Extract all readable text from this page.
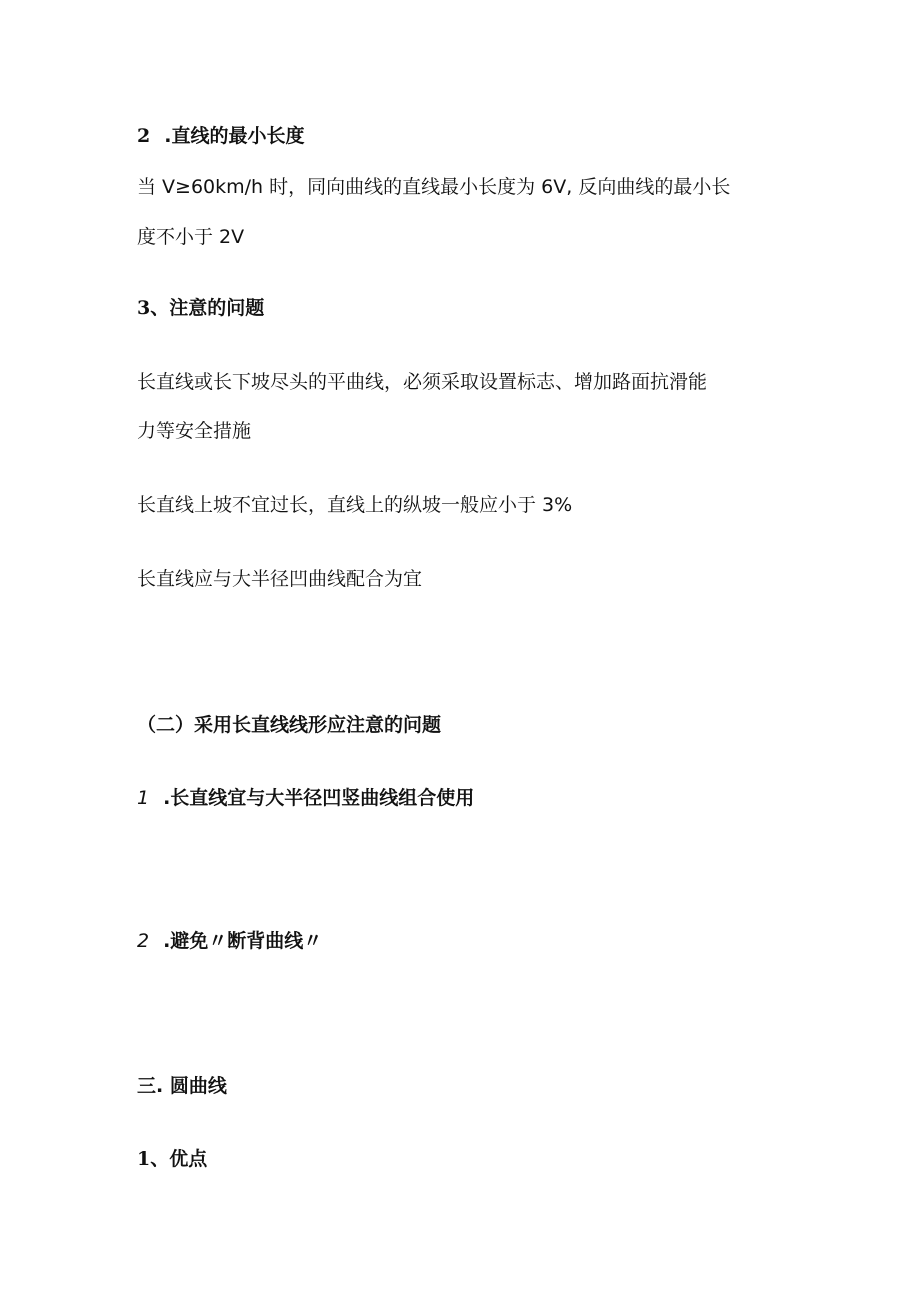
2 .直线的最小长度
当 V≥60km/h 时，同向曲线的直线最小长度为 6V, 反向曲线的最小长
度不小于 2V
3、注意的问题
长直线或长下坡尽头的平曲线，必须采取设置标志、增加路面抗滑能
力等安全措施
长直线上坡不宜过长，直线上的纵坡一般应小于 3%
长直线应与大半径凹曲线配合为宜
（二）采用长直线线形应注意的问题
1 .长直线宜与大半径凹竖曲线组合使用
2 .避免〃断背曲线〃
三. 圆曲线
1、优点
